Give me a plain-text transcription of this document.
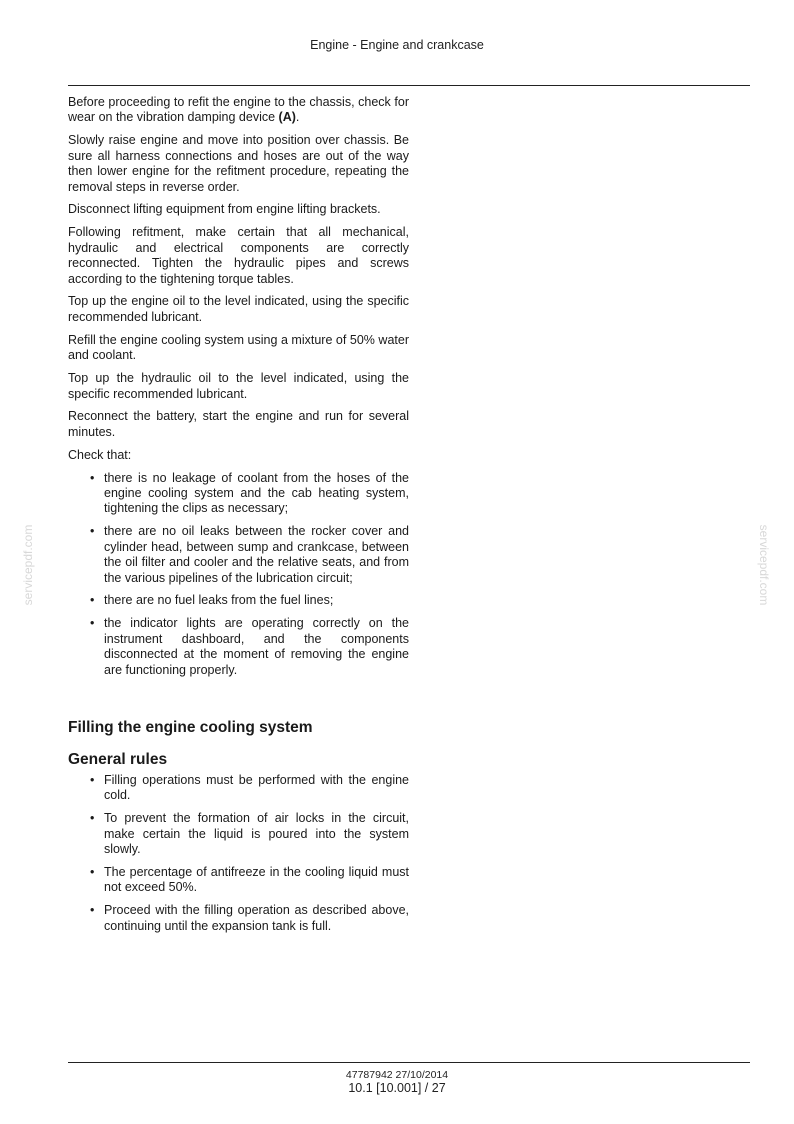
Engine - Engine and crankcase
servicepdf.com	servicepdf.com

Before proceeding to refit the engine to the chassis, check for wear on the vibration damping device (A).

Slowly raise engine and move into position over chassis. Be sure all harness connections and hoses are out of the way then lower engine for the refitment procedure, repeating the removal steps in reverse order.

Disconnect lifting equipment from engine lifting brackets.

Following refitment, make certain that all mechanical, hydraulic and electrical components are correctly reconnected. Tighten the hydraulic pipes and screws according to the tightening torque tables.

Top up the engine oil to the level indicated, using the specific recommended lubricant.

Refill the engine cooling system using a mixture of 50% water and coolant.

Top up the hydraulic oil to the level indicated, using the specific recommended lubricant.

Reconnect the battery, start the engine and run for several minutes.

Check that:

• there is no leakage of coolant from the hoses of the engine cooling system and the cab heating system, tightening the clips as necessary;
• there are no oil leaks between the rocker cover and cylinder head, between sump and crankcase, between the oil filter and cooler and the relative seats, and from the various pipelines of the lubrication circuit;
• there are no fuel leaks from the fuel lines;
• the indicator lights are operating correctly on the instrument dashboard, and the components disconnected at the moment of removing the engine are functioning properly.
Filling the engine cooling system
General rules
• Filling operations must be performed with the engine cold.
• To prevent the formation of air locks in the circuit, make certain the liquid is poured into the system slowly.
• The percentage of antifreeze in the cooling liquid must not exceed 50%.
• Proceed with the filling operation as described above, continuing until the expansion tank is full.
47787942 27/10/2014
10.1 [10.001] / 27
